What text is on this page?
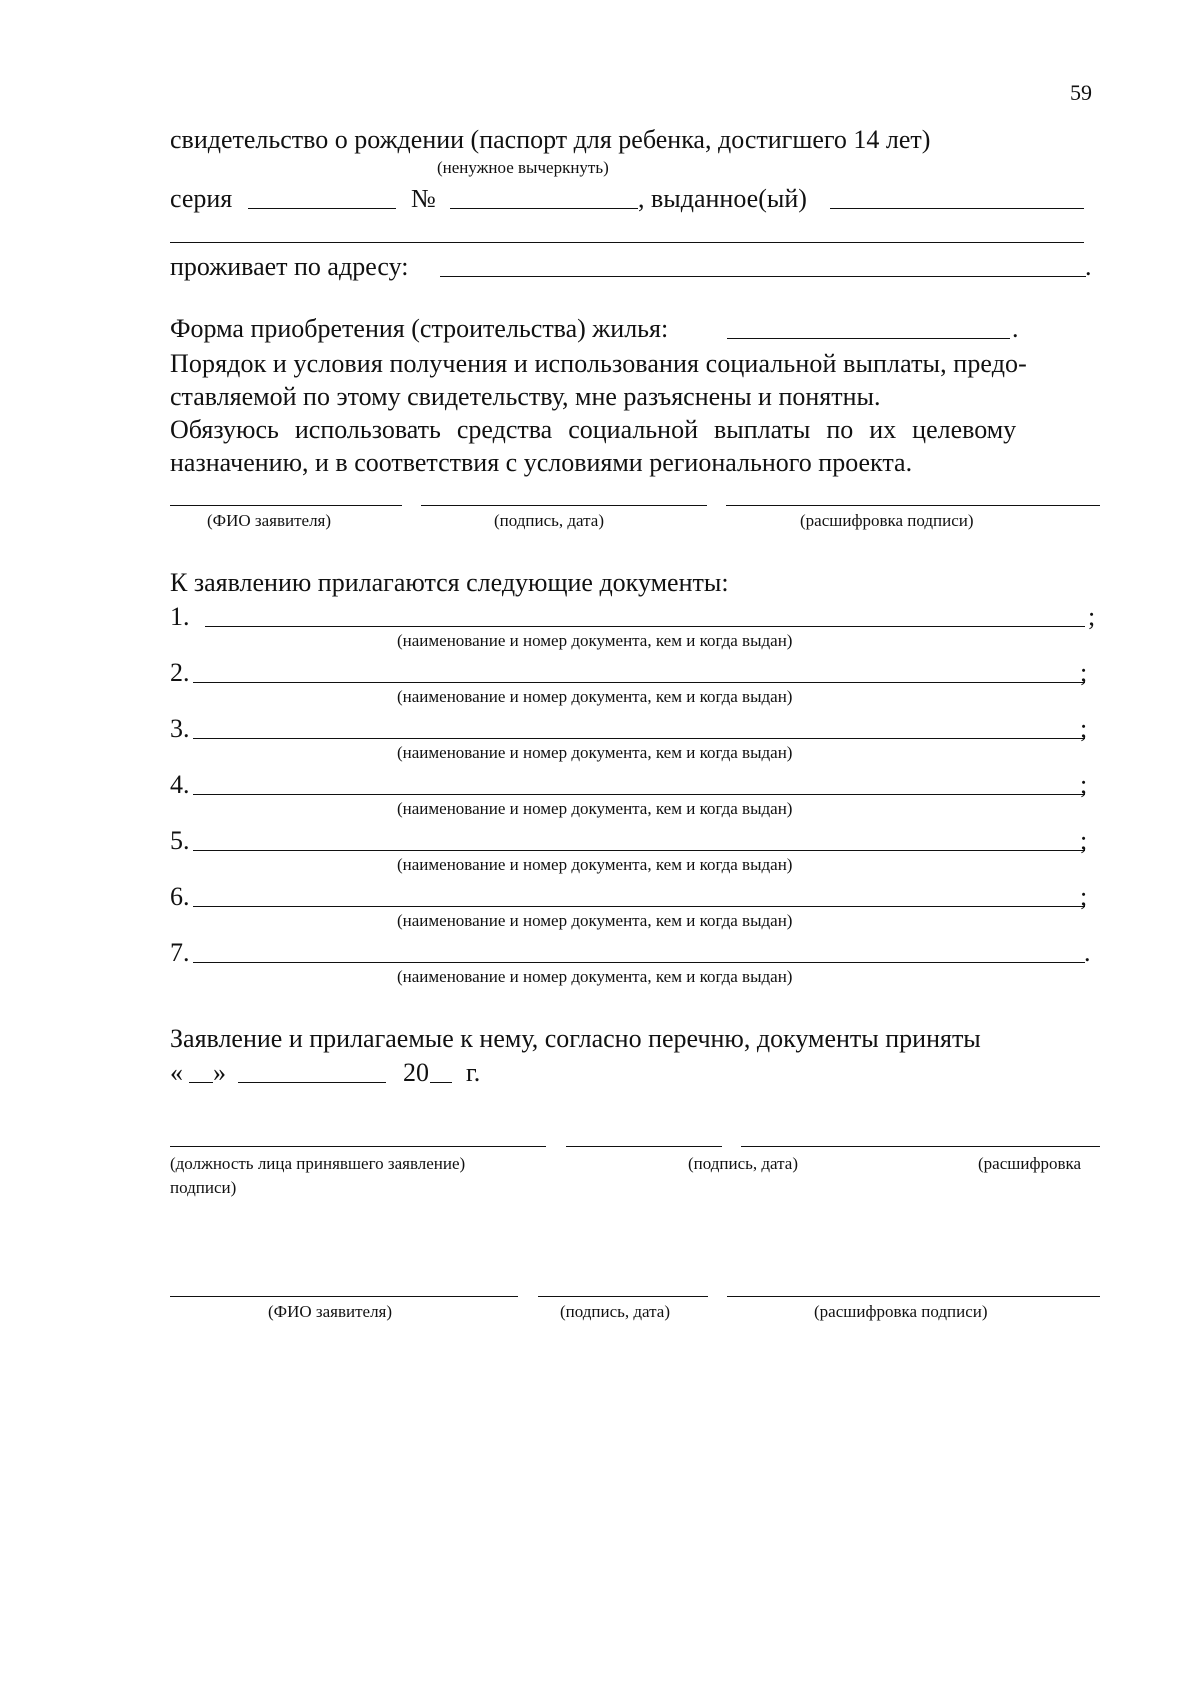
59
свидетельство о рождении (паспорт для ребенка, достигшего 14 лет)
(ненужное вычеркнуть)
серия	№	, выданное(ый)
проживает по адресу:	.
Форма приобретения (строительства) жилья:	.
Порядок и условия получения и использования социальной выплаты, предо-
ставляемой по этому свидетельству, мне разъяснены и понятны.
Обязуюсь использовать средства социальной выплаты по их целевому
назначению, и в соответствия с условиями регионального проекта.
(ФИО заявителя)	(подпись, дата)	(расшифровка подписи)
К заявлению прилагаются следующие документы:
1.	;
(наименование и номер документа, кем и когда выдан)
2.	;
(наименование и номер документа, кем и когда выдан)
3.	;
(наименование и номер документа, кем и когда выдан)
4.	;
(наименование и номер документа, кем и когда выдан)
5.	;
(наименование и номер документа, кем и когда выдан)
6.	;
(наименование и номер документа, кем и когда выдан)
7.	.
(наименование и номер документа, кем и когда выдан)
Заявление и прилагаемые к нему, согласно перечню, документы приняты
« »	20 г.
(должность лица принявшего заявление)	(подпись, дата)	(расшифровка
подписи)
(ФИО заявителя)	(подпись, дата)	(расшифровка подписи)
